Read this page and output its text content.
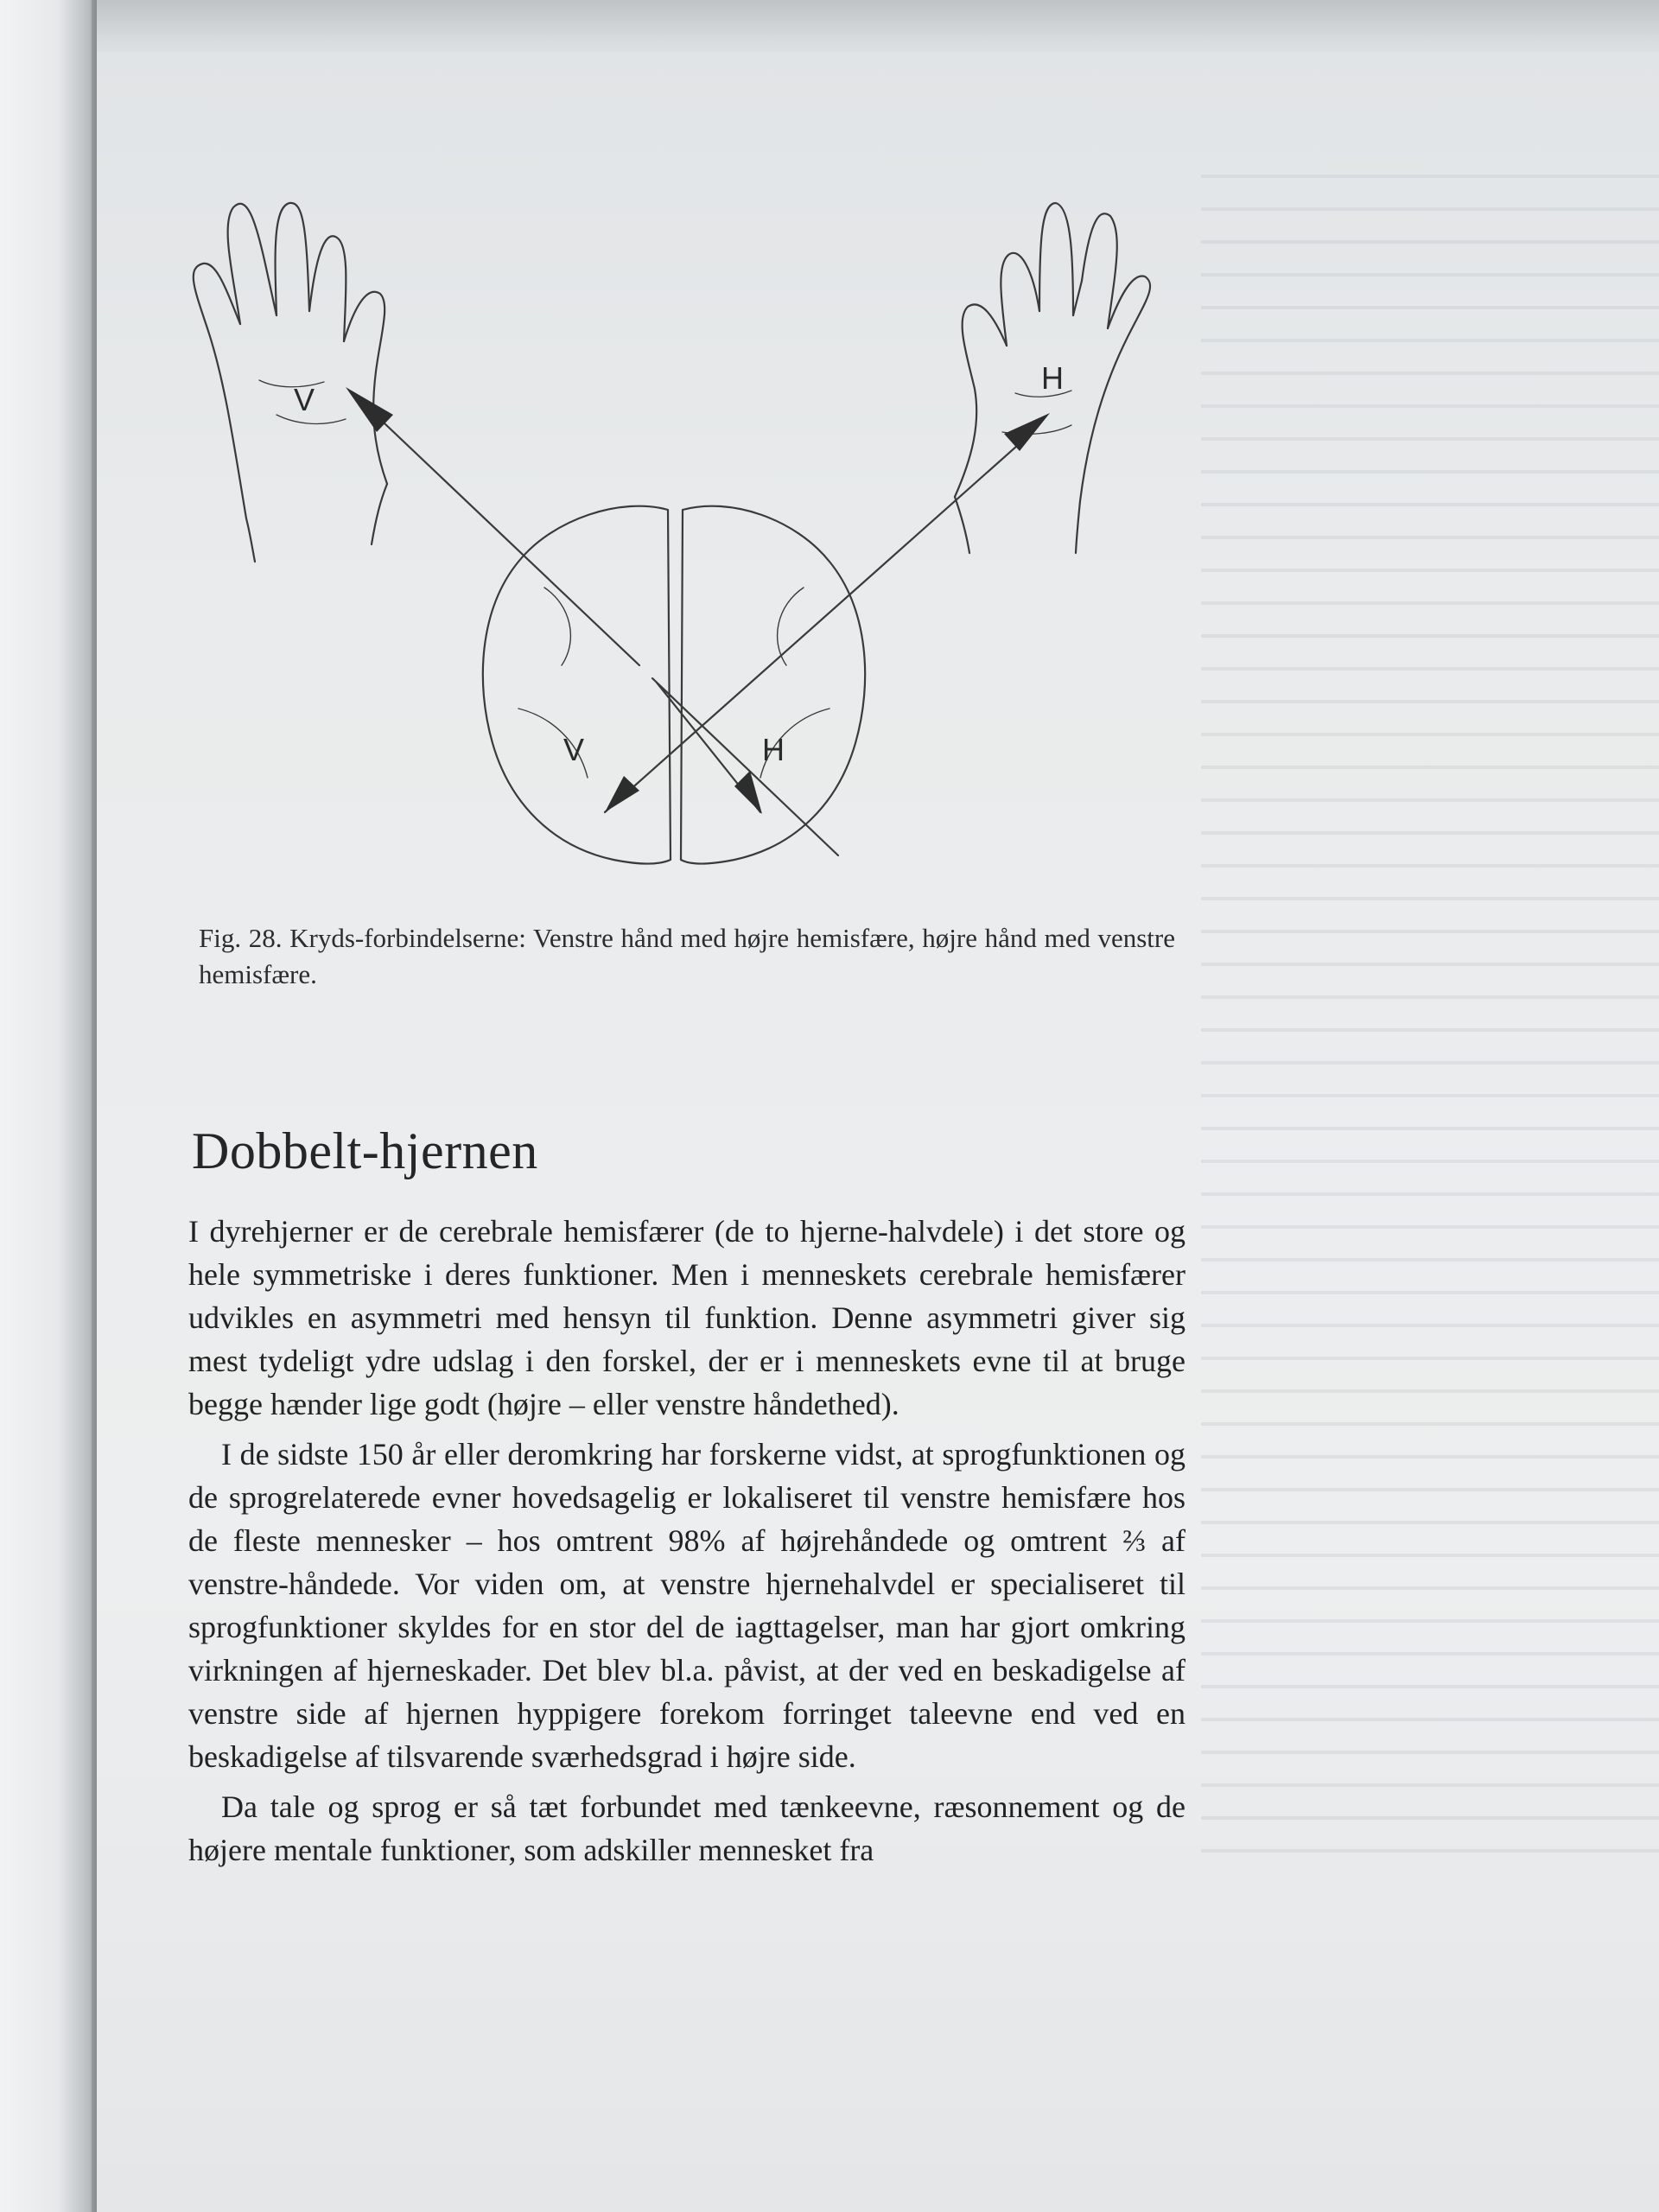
V
H
V	H
Fig. 28. Kryds-forbindelserne: Venstre hånd med højre hemisfære, højre hånd med venstre hemisfære.
Dobbelt-hjernen

I dyrehjerner er de cerebrale hemisfærer (de to hjerne-halvdele) i det store og hele symmetriske i deres funktioner. Men i menneskets cerebrale hemisfærer udvikles en asymmetri med hensyn til funktion. Denne asymmetri giver sig mest tydeligt ydre udslag i den forskel, der er i menneskets evne til at bruge begge hænder lige godt (højre – eller venstre håndethed).

I de sidste 150 år eller deromkring har forskerne vidst, at sprogfunktionen og de sprogrelaterede evner hovedsagelig er lokaliseret til venstre hemisfære hos de fleste mennesker – hos omtrent 98% af højrehåndede og omtrent ⅔ af venstre-håndede. Vor viden om, at venstre hjernehalvdel er specialiseret til sprogfunktioner skyldes for en stor del de iagttagelser, man har gjort omkring virkningen af hjerneskader. Det blev bl.a. påvist, at der ved en beskadigelse af venstre side af hjernen hyppigere forekom forringet taleevne end ved en beskadigelse af tilsvarende sværhedsgrad i højre side.

Da tale og sprog er så tæt forbundet med tænkeevne, ræsonnement og de højere mentale funktioner, som adskiller mennesket fra
